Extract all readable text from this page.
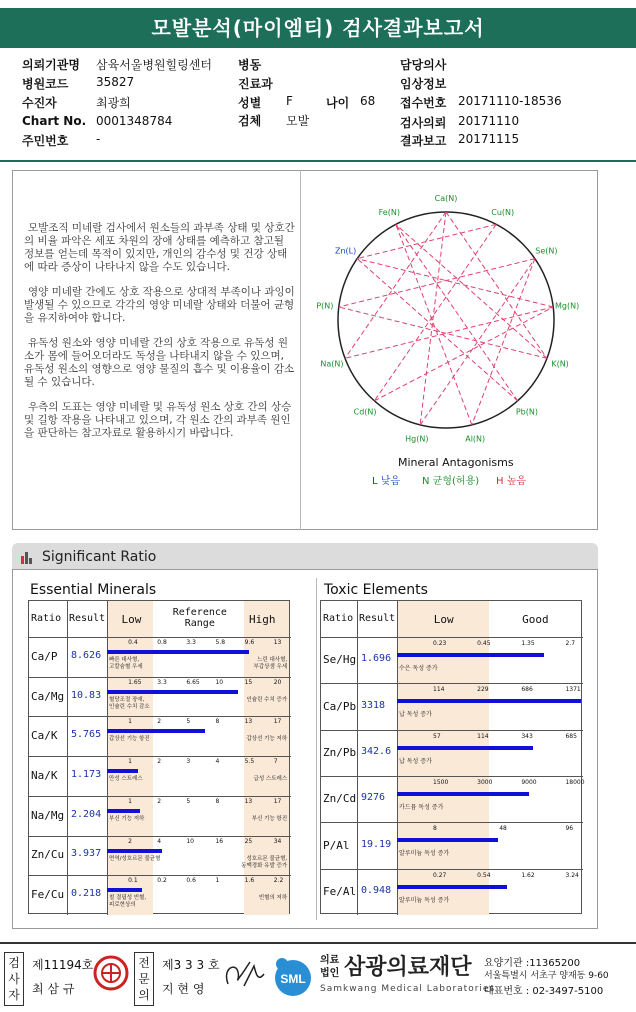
모발분석(마이엠티) 검사결과보고서
의뢰기관명 삼육서울병원힐링센터 병동	담당의사
병원코드 35827	진료과	임상정보
수진자	최광희	성별 F	나이 68 접수번호 20171110-18536
Chart No. 0001348784	검체 모발	검사의뢰 20171110
주민번호 -	결과보고 20171115

모발조직 미네랄 검사에서 원소들의 과부족 상태 및 상호간의 비율 파악은 세포 차원의 장애 상태를 예측하고 참고될 정보를 얻는데 목적이 있지만, 개인의 감수성 및 건강 상태에 따라 증상이 나타나지 않을 수도 있습니다.

영양 미네랄 간에도 상호 작용으로 상대적 부족이나 과잉이 발생될 수 있으므로 각각의 영양 미네랄 상태와 더불어 균형을 유지하여야 합니다.

유독성 원소와 영양 미네랄 간의 상호 작용으로 유독성 원소가 몸에 들어오더라도 독성을 나타내지 않을 수 있으며, 유독성 원소의 영향으로 영양 물질의 흡수 및 이용율이 감소될 수 있습니다.

우측의 도표는 영양 미네랄 및 유독성 원소 상호 간의 상승 및 길항 작용을 나타내고 있으며, 각 원소 간의 과부족 원인을 판단하는 참고자료로 활용하시기 바랍니다.

Ca(N)
Cu(N)
Se(N)
Mg(N)
K(N)
Pb(N)
Al(N)
Hg(N)
Cd(N)
Na(N)
P(N)
Zn(L)
Fe(N)
Mineral Antagonisms
L 낮음 N 균형(허용) H 높음
Significant Ratio
Essential Minerals	Toxic Elements
Ratio Result Low
Reference Range	High
Ca/P 8.626
0.4	0.8	3.3	5.8	9.6	13
빠른 대사형,
고칼슘혈 우세
느린 대사형,
부갑상샘 우세
Ca/Mg 10.83
1.65	3.3	6.65	10	15	20
혈당조절 장애,
인슐린 수치 감소
인슐린 수치 증가
Ca/K 5.765
1	2	5	8	13	17
갑상선 기능 항진	갑상선 기능 저하
Na/K 1.173
1	2	3	4	5.5	7
만성 스트레스	급성 스트레스
Na/Mg 2.204
1	2	5	8	13	17
부신 기능 저하	부신 기능 항진
Zn/Cu 3.937
2	4	10	16	25	34
면역/성호르몬 불균형	성호르몬 불균형,
동맥경화 유발 증가
Fe/Cu 0.218
0.1	0.2	0.6	1	1.6	2.2
철 결핍성 빈혈,
피로현상의
빈혈의 저하
Ratio Result	Low	Good
Se/Hg 1.696
0.23	0.45	1.35	2.7
수은 독성 증가
Ca/Pb 3318
114	229	686	1371
납 독성 증가
Zn/Pb 342.6
57	114	343	685
납 독성 증가
Zn/Cd 9276
1500	3000	9000	18000
카드뮴 독성 증가
P/Al 19.19
8	48	96
알루미늄 독성 증가
Fe/Al 0.948
0.27	0.54	1.62	3.24
알루미늄 독성 증가
검사자
제11194호
최 삼 규
전문의
제3 3 3 호
지 현 영
SML
의료법인 삼광의료재단
Samkwang Medical Laboratories
요양기관 :11365200
서울특별시 서초구 양재동 9-60
대표번호 : 02-3497-5100
